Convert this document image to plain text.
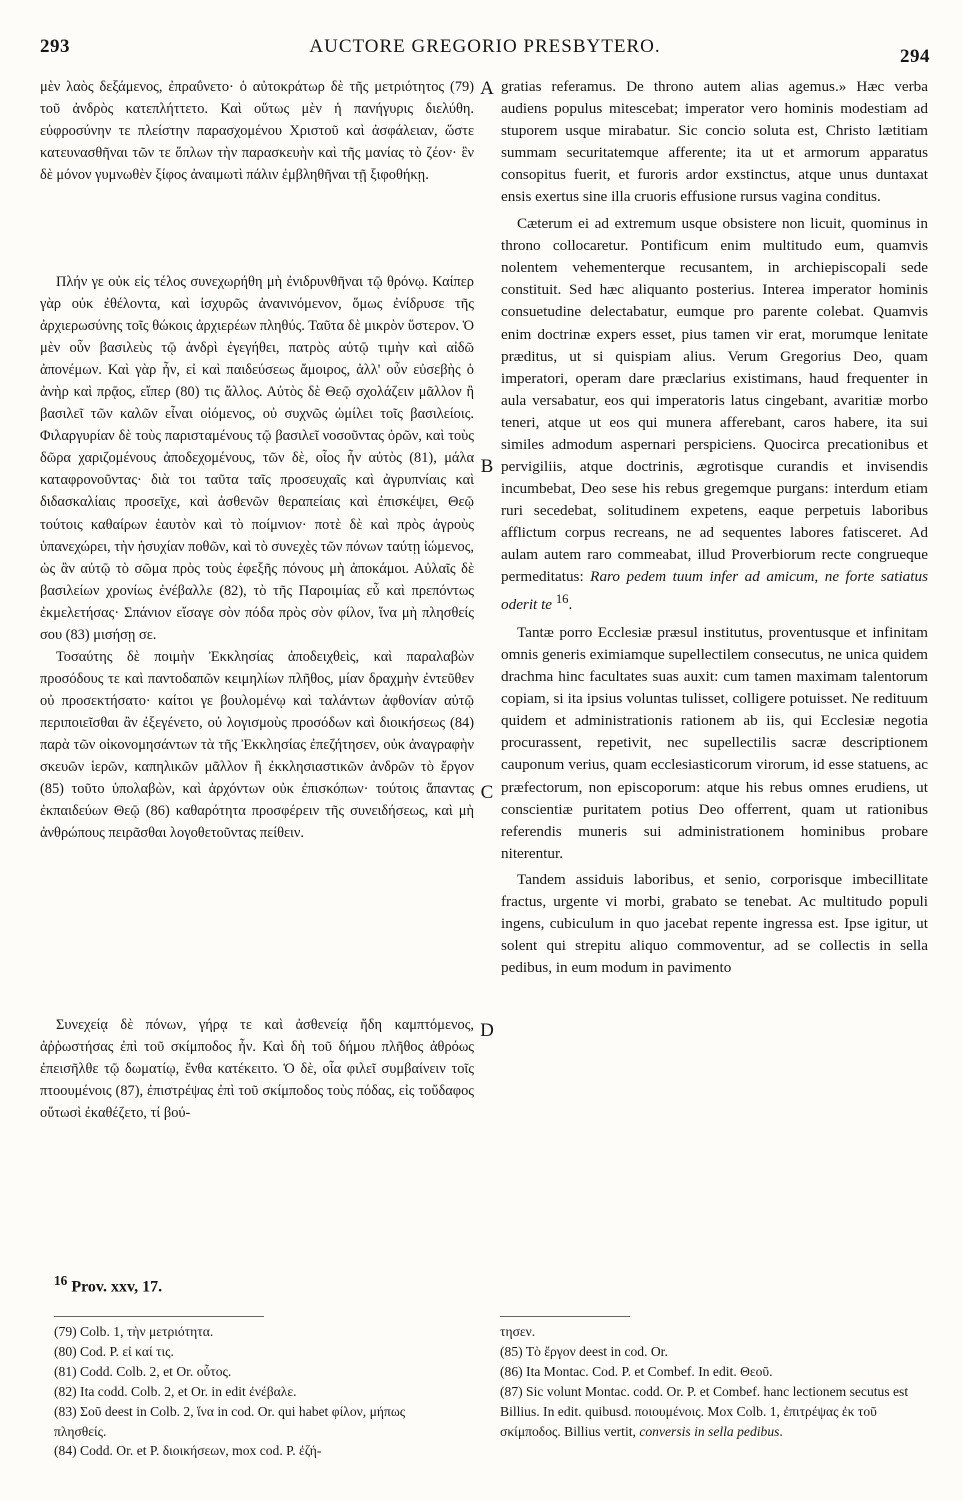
293	AUCTORE GREGORIO PRESBYTERO.	294

μὲν λαὸς δεξάμενος, ἐπραΰνετο· ὁ αὐτοκράτωρ δὲ τῆς μετριότητος (79) τοῦ ἀνδρὸς κατεπλήττετο. Καὶ οὕτως μὲν ἡ πανήγυρις διελύθη. εὐφροσύνην τε πλείστην παρασχομένου Χριστοῦ καὶ ἀσφάλειαν, ὥστε κατευνασθῆναι τῶν τε ὅπλων τὴν παρασκευὴν καὶ τῆς μανίας τὸ ζέον· ἓν δὲ μόνον γυμνωθὲν ξίφος ἀναιμωτὶ πάλιν ἐμβληθῆναι τῇ ξιφοθήκῃ.

Πλήν γε οὐκ εἰς τέλος συνεχωρήθη μὴ ἐνιδρυνθῆναι τῷ θρόνῳ. Καίπερ γὰρ οὐκ ἐθέλοντα, καὶ ἰσχυρῶς ἀνανινόμενον, ὅμως ἐνίδρυσε τῆς ἀρχιερωσύνης τοῖς θώκοις ἀρχιερέων πληθύς. Ταῦτα δὲ μικρὸν ὕστερον. Ὁ μὲν οὖν βασιλεὺς τῷ ἀνδρὶ ἐγεγήθει, πατρὸς αὐτῷ τιμὴν καὶ αἰδῶ ἀπονέμων. Καὶ γὰρ ἦν, εἰ καὶ παιδεύσεως ἄμοιρος, ἀλλ' οὖν εὐσεβὴς ὁ ἀνὴρ καὶ πρᾷος, εἴπερ (80) τις ἄλλος. Αὐτὸς δὲ Θεῷ σχολάζειν μᾶλλον ἢ βασιλεῖ τῶν καλῶν εἶναι οἰόμενος, οὐ συχνῶς ὡμίλει τοῖς βασιλείοις. Φιλαργυρίαν δὲ τοὺς παρισταμένους τῷ βασιλεῖ νοσοῦντας ὁρῶν, καὶ τοὺς δῶρα χαριζομένους ἀποδεχομένους, τῶν δὲ, οἷος ἦν αὐτὸς (81), μάλα καταφρονοῦντας· διὰ τοι ταῦτα ταῖς προσευχαῖς καὶ ἀγρυπνίαις καὶ διδασκαλίαις προσεῖχε, καὶ ἀσθενῶν θεραπείαις καὶ ἐπισκέψει, Θεῷ τούτοις καθαίρων ἑαυτὸν καὶ τὸ ποίμνιον· ποτὲ δὲ καὶ πρὸς ἀγροὺς ὑπανεχώρει, τὴν ἡσυχίαν ποθῶν, καὶ τὸ συνεχὲς τῶν πόνων ταύτῃ ἰώμενος, ὡς ἂν αὐτῷ τὸ σῶμα πρὸς τοὺς ἐφεξῆς πόνους μὴ ἀποκάμοι. Αὐλαῖς δὲ βασιλείων χρονίως ἐνέβαλλε (82), τὸ τῆς Παροιμίας εὖ καὶ πρεπόντως ἐκμελετήσας· Σπάνιον εἴσαγε σὸν πόδα πρὸς σὸν φίλον, ἵνα μὴ πλησθείς σου (83) μισήσῃ σε.

Τοσαύτης δὲ ποιμὴν Ἐκκλησίας ἀποδειχθεὶς, καὶ παραλαβὼν προσόδους τε καὶ παντοδαπῶν κειμηλίων πλῆθος, μίαν δραχμὴν ἐντεῦθεν οὐ προσεκτήσατο· καίτοι γε βουλομένῳ καὶ ταλάντων ἀφθονίαν αὐτῷ περιποιεῖσθαι ἂν ἐξεγένετο, οὐ λογισμοὺς προσόδων καὶ διοικήσεως (84) παρὰ τῶν οἰκονομησάντων τὰ τῆς Ἐκκλησίας ἐπεζήτησεν, οὐκ ἀναγραφὴν σκευῶν ἱερῶν, καπηλικῶν μᾶλλον ἢ ἐκκλησιαστικῶν ἀνδρῶν τὸ ἔργον (85) τοῦτο ὑπολαβὼν, καὶ ἀρχόντων οὐκ ἐπισκόπων· τούτοις ἅπαντας ἐκπαιδεύων Θεῷ (86) καθαρότητα προσφέρειν τῆς συνειδήσεως, καὶ μὴ ἀνθρώπους πειρᾶσθαι λογοθετοῦντας πείθειν.

Συνεχείᾳ δὲ πόνων, γήρᾳ τε καὶ ἀσθενείᾳ ἤδη καμπτόμενος, ἀῤῥωστήσας ἐπὶ τοῦ σκίμποδος ἦν. Καὶ δὴ τοῦ δήμου πλῆθος ἀθρόως ἐπεισῆλθε τῷ δωματίῳ, ἔνθα κατέκειτο. Ὁ δὲ, οἷα φιλεῖ συμβαίνειν τοῖς πτοουμένοις (87), ἐπιστρέψας ἐπὶ τοῦ σκίμποδος τοὺς πόδας, εἰς τοὔδαφος οὕτωσὶ ἐκαθέζετο, τί βού-

A
B
C
D

gratias referamus. De throno autem alias agemus.» Hæc verba audiens populus mitescebat; imperator vero hominis modestiam ad stuporem usque mirabatur. Sic concio soluta est, Christo lætitiam summam securitatemque afferente; ita ut et armorum apparatus consopitus fuerit, et furoris ardor exstinctus, atque unus duntaxat ensis exertus sine illa cruoris effusione rursus vagina conditus.

Cæterum ei ad extremum usque obsistere non licuit, quominus in throno collocaretur. Pontificum enim multitudo eum, quamvis nolentem vehementerque recusantem, in archiepiscopali sede constituit. Sed hæc aliquanto posterius. Interea imperator hominis consuetudine delectabatur, eumque pro parente colebat. Quamvis enim doctrinæ expers esset, pius tamen vir erat, morumque lenitate præditus, ut si quispiam alius. Verum Gregorius Deo, quam imperatori, operam dare præclarius existimans, haud frequenter in aula versabatur, eos qui imperatoris latus cingebant, avaritiæ morbo teneri, atque ut eos qui munera afferebant, caros habere, ita sui similes admodum aspernari perspiciens. Quocirca precationibus et pervigiliis, atque doctrinis, ægrotisque curandis et invisendis incumbebat, Deo sese his rebus gregemque purgans: interdum etiam ruri secedebat, solitudinem expetens, eaque perpetuis laboribus afflictum corpus recreans, ne ad sequentes labores fatisceret. Ad aulam autem raro commeabat, illud Proverbiorum recte congrueque permeditatus: Raro pedem tuum infer ad amicum, ne forte satiatus oderit te $^{16}$.

Tantæ porro Ecclesiæ præsul institutus, proventusque et infinitam omnis generis eximiamque supellectilem consecutus, ne unica quidem drachma hinc facultates suas auxit: cum tamen maximam talentorum copiam, si ita ipsius voluntas tulisset, colligere potuisset. Ne redituum quidem et administrationis rationem ab iis, qui Ecclesiæ negotia procurassent, repetivit, nec supellectilis sacræ descriptionem cauponum verius, quam ecclesiasticorum virorum, id esse statuens, ac præfectorum, non episcoporum: atque his rebus omnes erudiens, ut conscientiæ puritatem potius Deo offerrent, quam ut rationibus referendis muneris sui administrationem hominibus probare niterentur.

Tandem assiduis laboribus, et senio, corporisque imbecillitate fractus, urgente vi morbi, grabato se tenebat. Ac multitudo populi ingens, cubiculum in quo jacebat repente ingressa est. Ipse igitur, ut solent qui strepitu aliquo commoventur, ad se collectis in sella pedibus, in eum modum in pavimento

$^{16}$ Prov. xxv, 17.
(79) Colb. 1, τὴν μετριότητα.
(80) Cod. P. εἰ καί τις.
(81) Codd. Colb. 2, et Or. οὗτος.
(82) Ita codd. Colb. 2, et Or. in edit ἐνέβαλε.
(83) Σοῦ deest in Colb. 2, ἵνα in cod. Or. qui habet φίλον, μήπως πλησθείς.
(84) Codd. Or. et P. διοικήσεων, mox cod. P. ἐζή-
τησεν.
(85) Τὸ ἔργον deest in cod. Or.
(86) Ita Montac. Cod. P. et Combef. In edit. Θεοῦ.
(87) Sic volunt Montac. codd. Or. P. et Combef. hanc lectionem secutus est Billius. In edit. quibusd. ποιουμένοις. Mox Colb. 1, ἐπιτρέψας ἐκ τοῦ σκίμποδος. Billius vertit, conversis in sella pedibus.
